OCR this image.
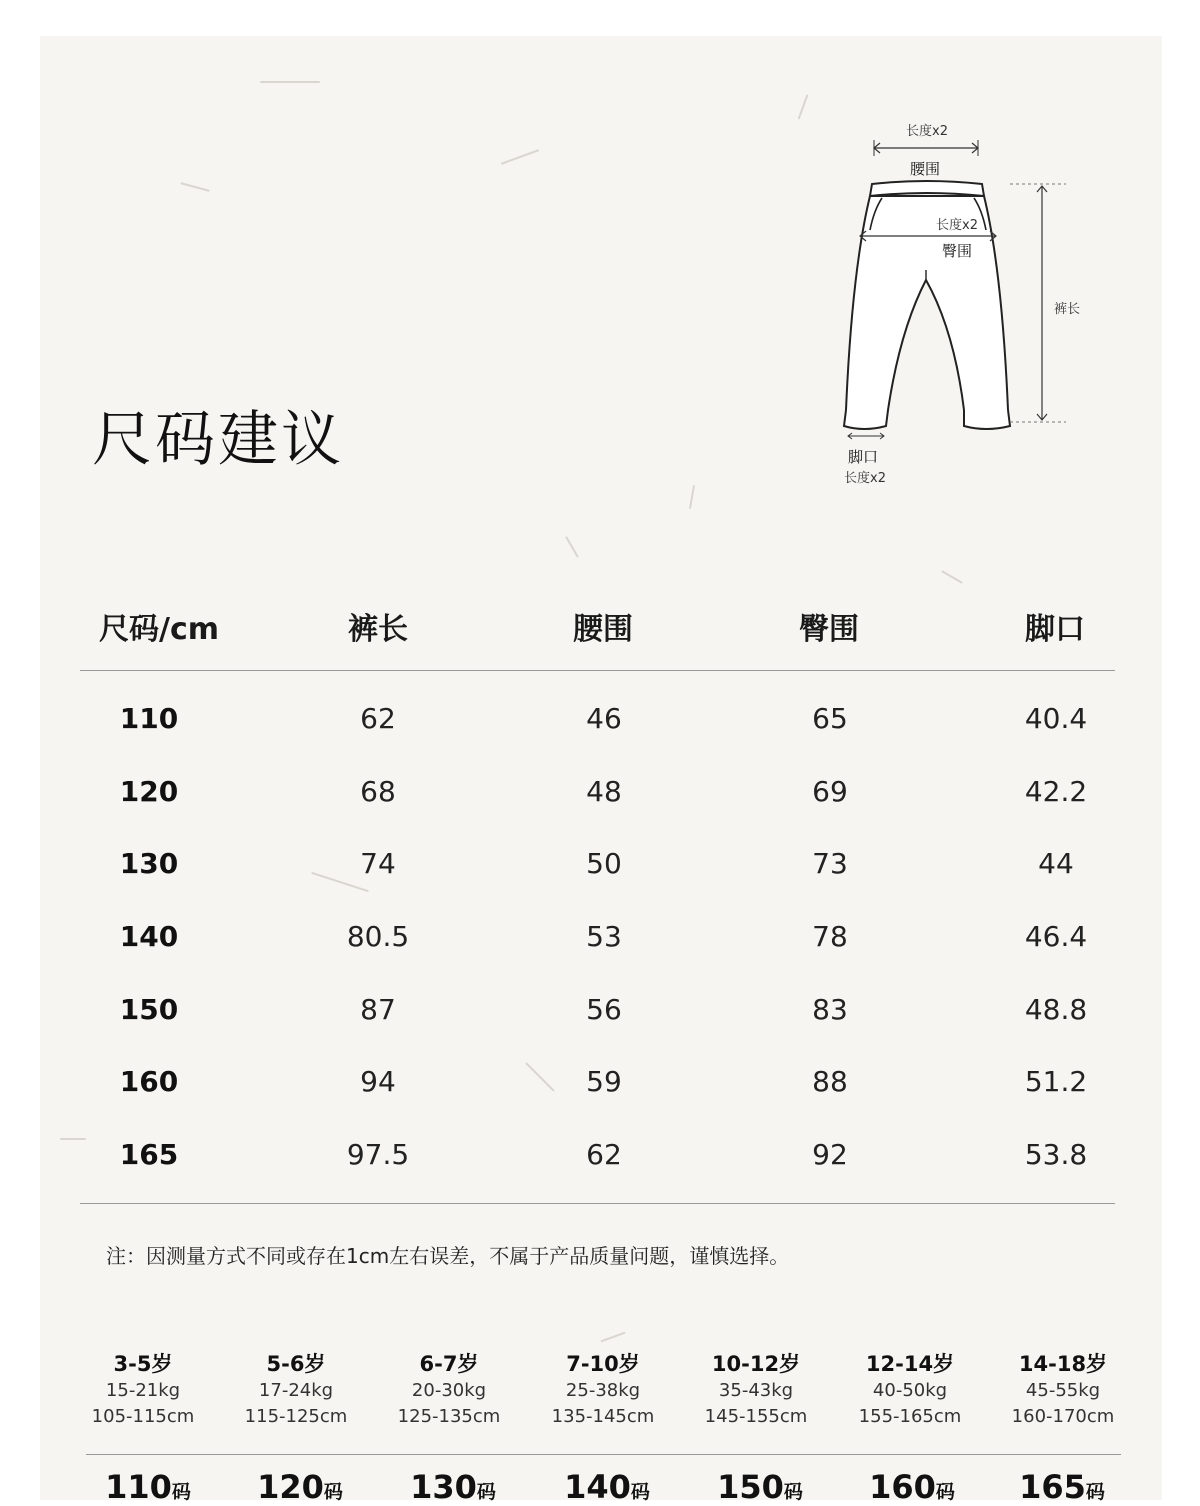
尺码建议
长度x2
腰围
长度x2
臀围
裤长
脚口
长度x2
尺码/cm	裤长	腰围	臀围	脚口
110	62	46	65	40.4
120	68	48	69	42.2
130	74	50	73	44
140	80.5	53	78	46.4
150	87	56	83	48.8
160	94	59	88	51.2
165	97.5	62	92	53.8
注：因测量方式不同或存在1cm左右误差，不属于产品质量问题，谨慎选择。
3-5岁
15-21kg
105-115cm
5-6岁
17-24kg
115-125cm
6-7岁
20-30kg
125-135cm
7-10岁
25-38kg
135-145cm
10-12岁
35-43kg
145-155cm
12-14岁
40-50kg
155-165cm
14-18岁
45-55kg
160-170cm
110码 120码 130码 140码 150码 160码 165码
